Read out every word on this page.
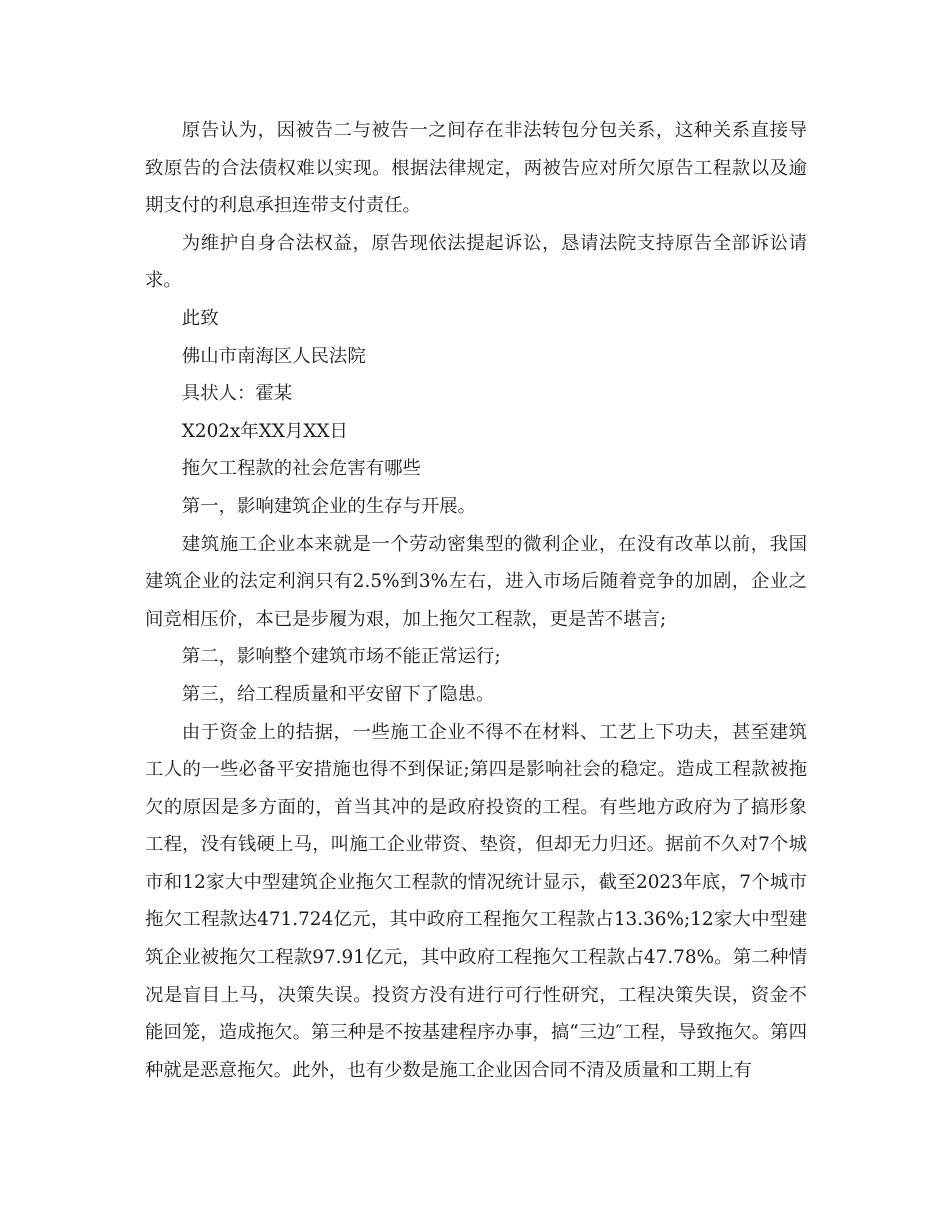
原告认为，因被告二与被告一之间存在非法转包分包关系，这种关系直接导致原告的合法债权难以实现。根据法律规定，两被告应对所欠原告工程款以及逾期支付的利息承担连带支付责任。

为维护自身合法权益，原告现依法提起诉讼，恳请法院支持原告全部诉讼请求。

此致

佛山市南海区人民法院

具状人：霍某

X202x年XX月XX日

拖欠工程款的社会危害有哪些

第一，影响建筑企业的生存与开展。

建筑施工企业本来就是一个劳动密集型的微利企业，在没有改革以前，我国建筑企业的法定利润只有2.5%到3%左右，进入市场后随着竞争的加剧，企业之间竞相压价，本已是步履为艰，加上拖欠工程款，更是苦不堪言;

第二，影响整个建筑市场不能正常运行;

第三，给工程质量和平安留下了隐患。

由于资金上的拮据，一些施工企业不得不在材料、工艺上下功夫，甚至建筑工人的一些必备平安措施也得不到保证;第四是影响社会的稳定。造成工程款被拖欠的原因是多方面的，首当其冲的是政府投资的工程。有些地方政府为了搞形象工程，没有钱硬上马，叫施工企业带资、垫资，但却无力归还。据前不久对7个城市和12家大中型建筑企业拖欠工程款的情况统计显示，截至2023年底，7个城市拖欠工程款达471.724亿元，其中政府工程拖欠工程款占13.36%;12家大中型建筑企业被拖欠工程款97.91亿元，其中政府工程拖欠工程款占47.78%。第二种情况是盲目上马，决策失误。投资方没有进行可行性研究，工程决策失误，资金不能回笼，造成拖欠。第三种是不按基建程序办事，搞“三边″工程，导致拖欠。第四种就是恶意拖欠。此外，也有少数是施工企业因合同不清及质量和工期上有
